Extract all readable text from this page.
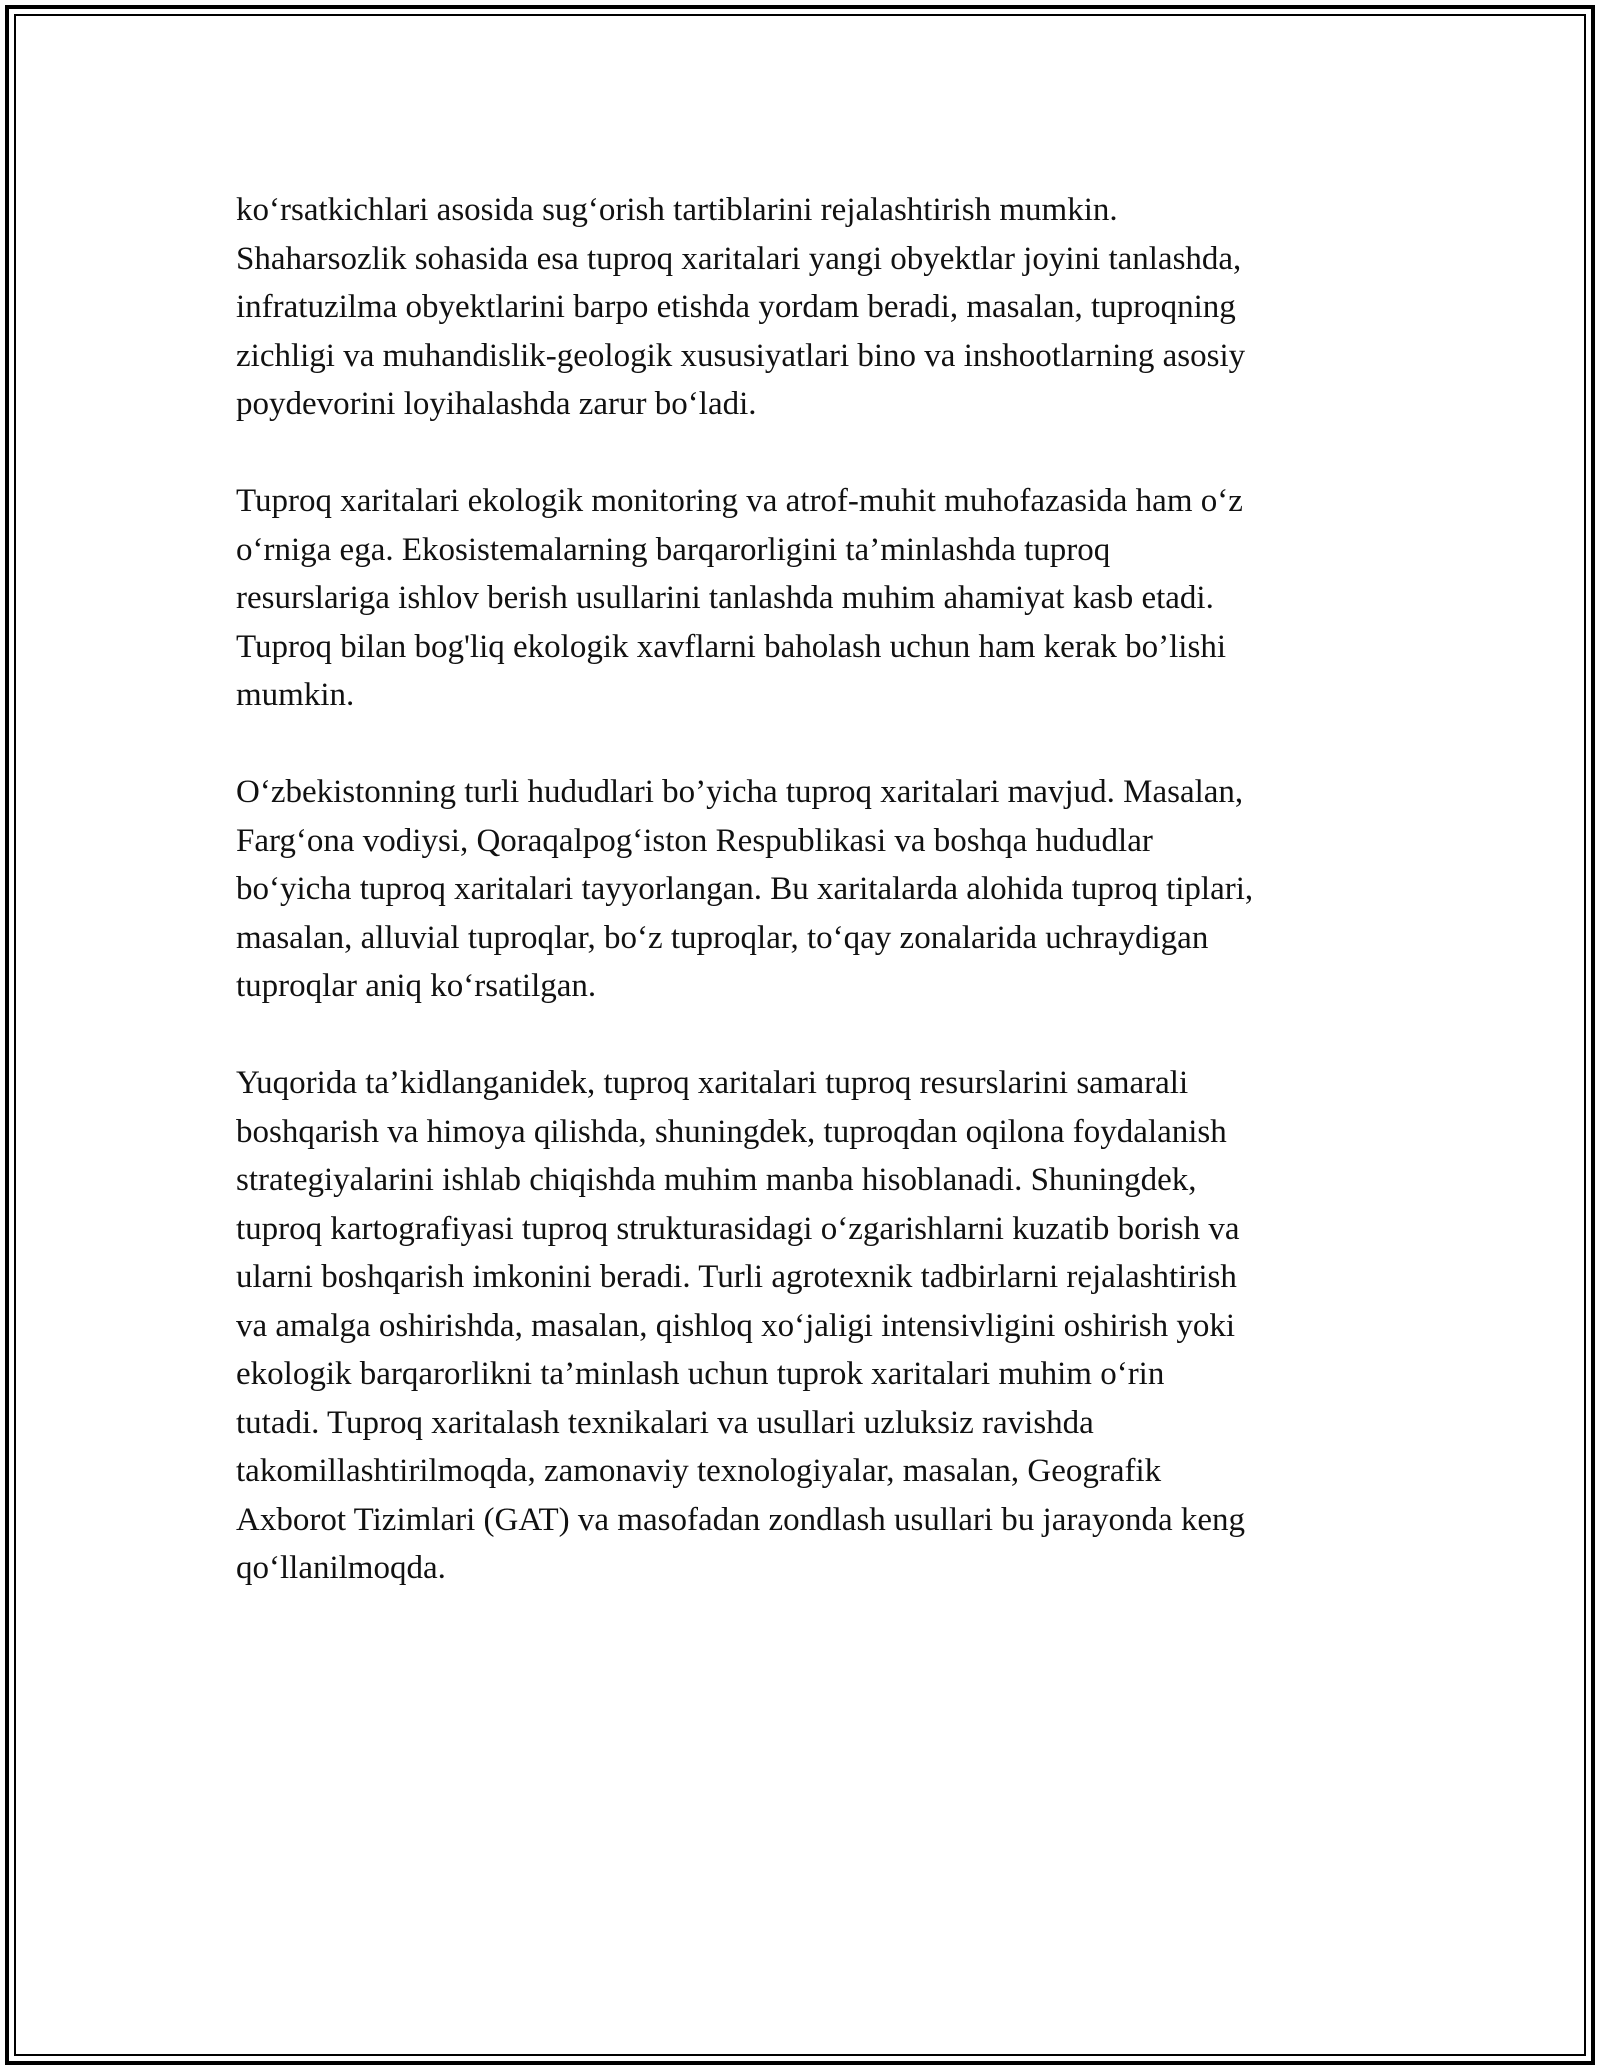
ko‘rsatkichlari asosida sug‘orish tartiblarini rejalashtirish mumkin.
Shaharsozlik sohasida esa tuproq xaritalari yangi obyektlar joyini tanlashda,
infratuzilma obyektlarini barpo etishda yordam beradi, masalan, tuproqning
zichligi va muhandislik-geologik xususiyatlari bino va inshootlarning asosiy
poydevorini loyihalashda zarur bo‘ladi.

Tuproq xaritalari ekologik monitoring va atrof-muhit muhofazasida ham o‘z
o‘rniga ega. Ekosistemalarning barqarorligini ta’minlashda tuproq
resurslariga ishlov berish usullarini tanlashda muhim ahamiyat kasb etadi.
Tuproq bilan bog'liq ekologik xavflarni baholash uchun ham kerak bo’lishi
mumkin.

O‘zbekistonning turli hududlari bo’yicha tuproq xaritalari mavjud. Masalan,
Farg‘ona vodiysi, Qoraqalpog‘iston Respublikasi va boshqa hududlar
bo‘yicha tuproq xaritalari tayyorlangan. Bu xaritalarda alohida tuproq tiplari,
masalan, alluvial tuproqlar, bo‘z tuproqlar, to‘qay zonalarida uchraydigan
tuproqlar aniq ko‘rsatilgan.

Yuqorida ta’kidlanganidek, tuproq xaritalari tuproq resurslarini samarali
boshqarish va himoya qilishda, shuningdek, tuproqdan oqilona foydalanish
strategiyalarini ishlab chiqishda muhim manba hisoblanadi. Shuningdek,
tuproq kartografiyasi tuproq strukturasidagi o‘zgarishlarni kuzatib borish va
ularni boshqarish imkonini beradi. Turli agrotexnik tadbirlarni rejalashtirish
va amalga oshirishda, masalan, qishloq xo‘jaligi intensivligini oshirish yoki
ekologik barqarorlikni ta’minlash uchun tuprok xaritalari muhim o‘rin
tutadi. Tuproq xaritalash texnikalari va usullari uzluksiz ravishda
takomillashtirilmoqda, zamonaviy texnologiyalar, masalan, Geografik
Axborot Tizimlari (GAT) va masofadan zondlash usullari bu jarayonda keng
qo‘llanilmoqda.
